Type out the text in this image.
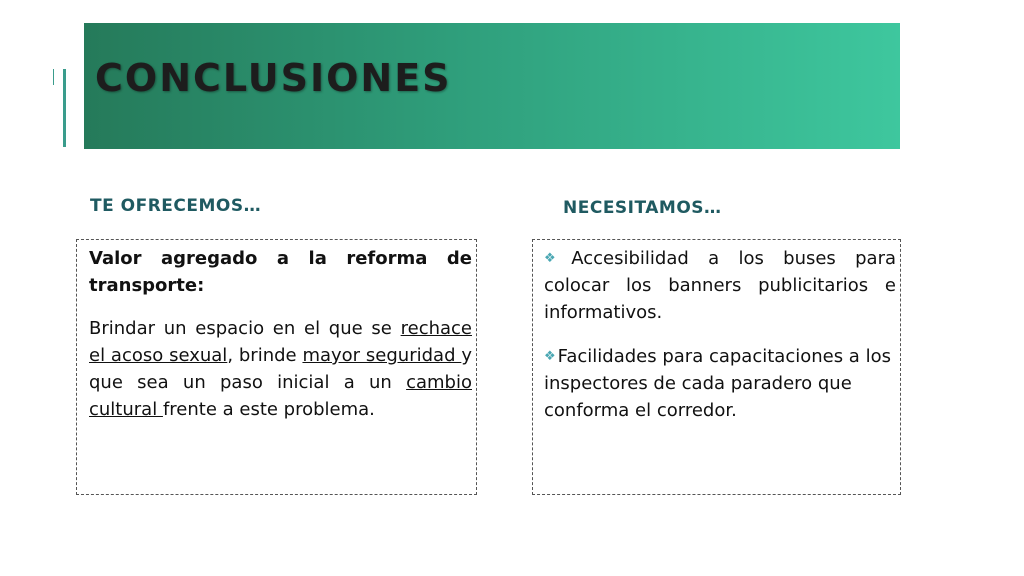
CONCLUSIONES
TE OFRECEMOS…	NECESITAMOS…

Valor agregado a la reforma de transporte:

Brindar un espacio en el que se rechace el acoso sexual, brinde mayor seguridad y que sea un paso inicial a un cambio cultural frente a este problema.

❖ Accesibilidad a los buses para colocar los banners publicitarios e informativos.

❖ Facilidades para capacitaciones a los inspectores de cada paradero que conforma el corredor.
